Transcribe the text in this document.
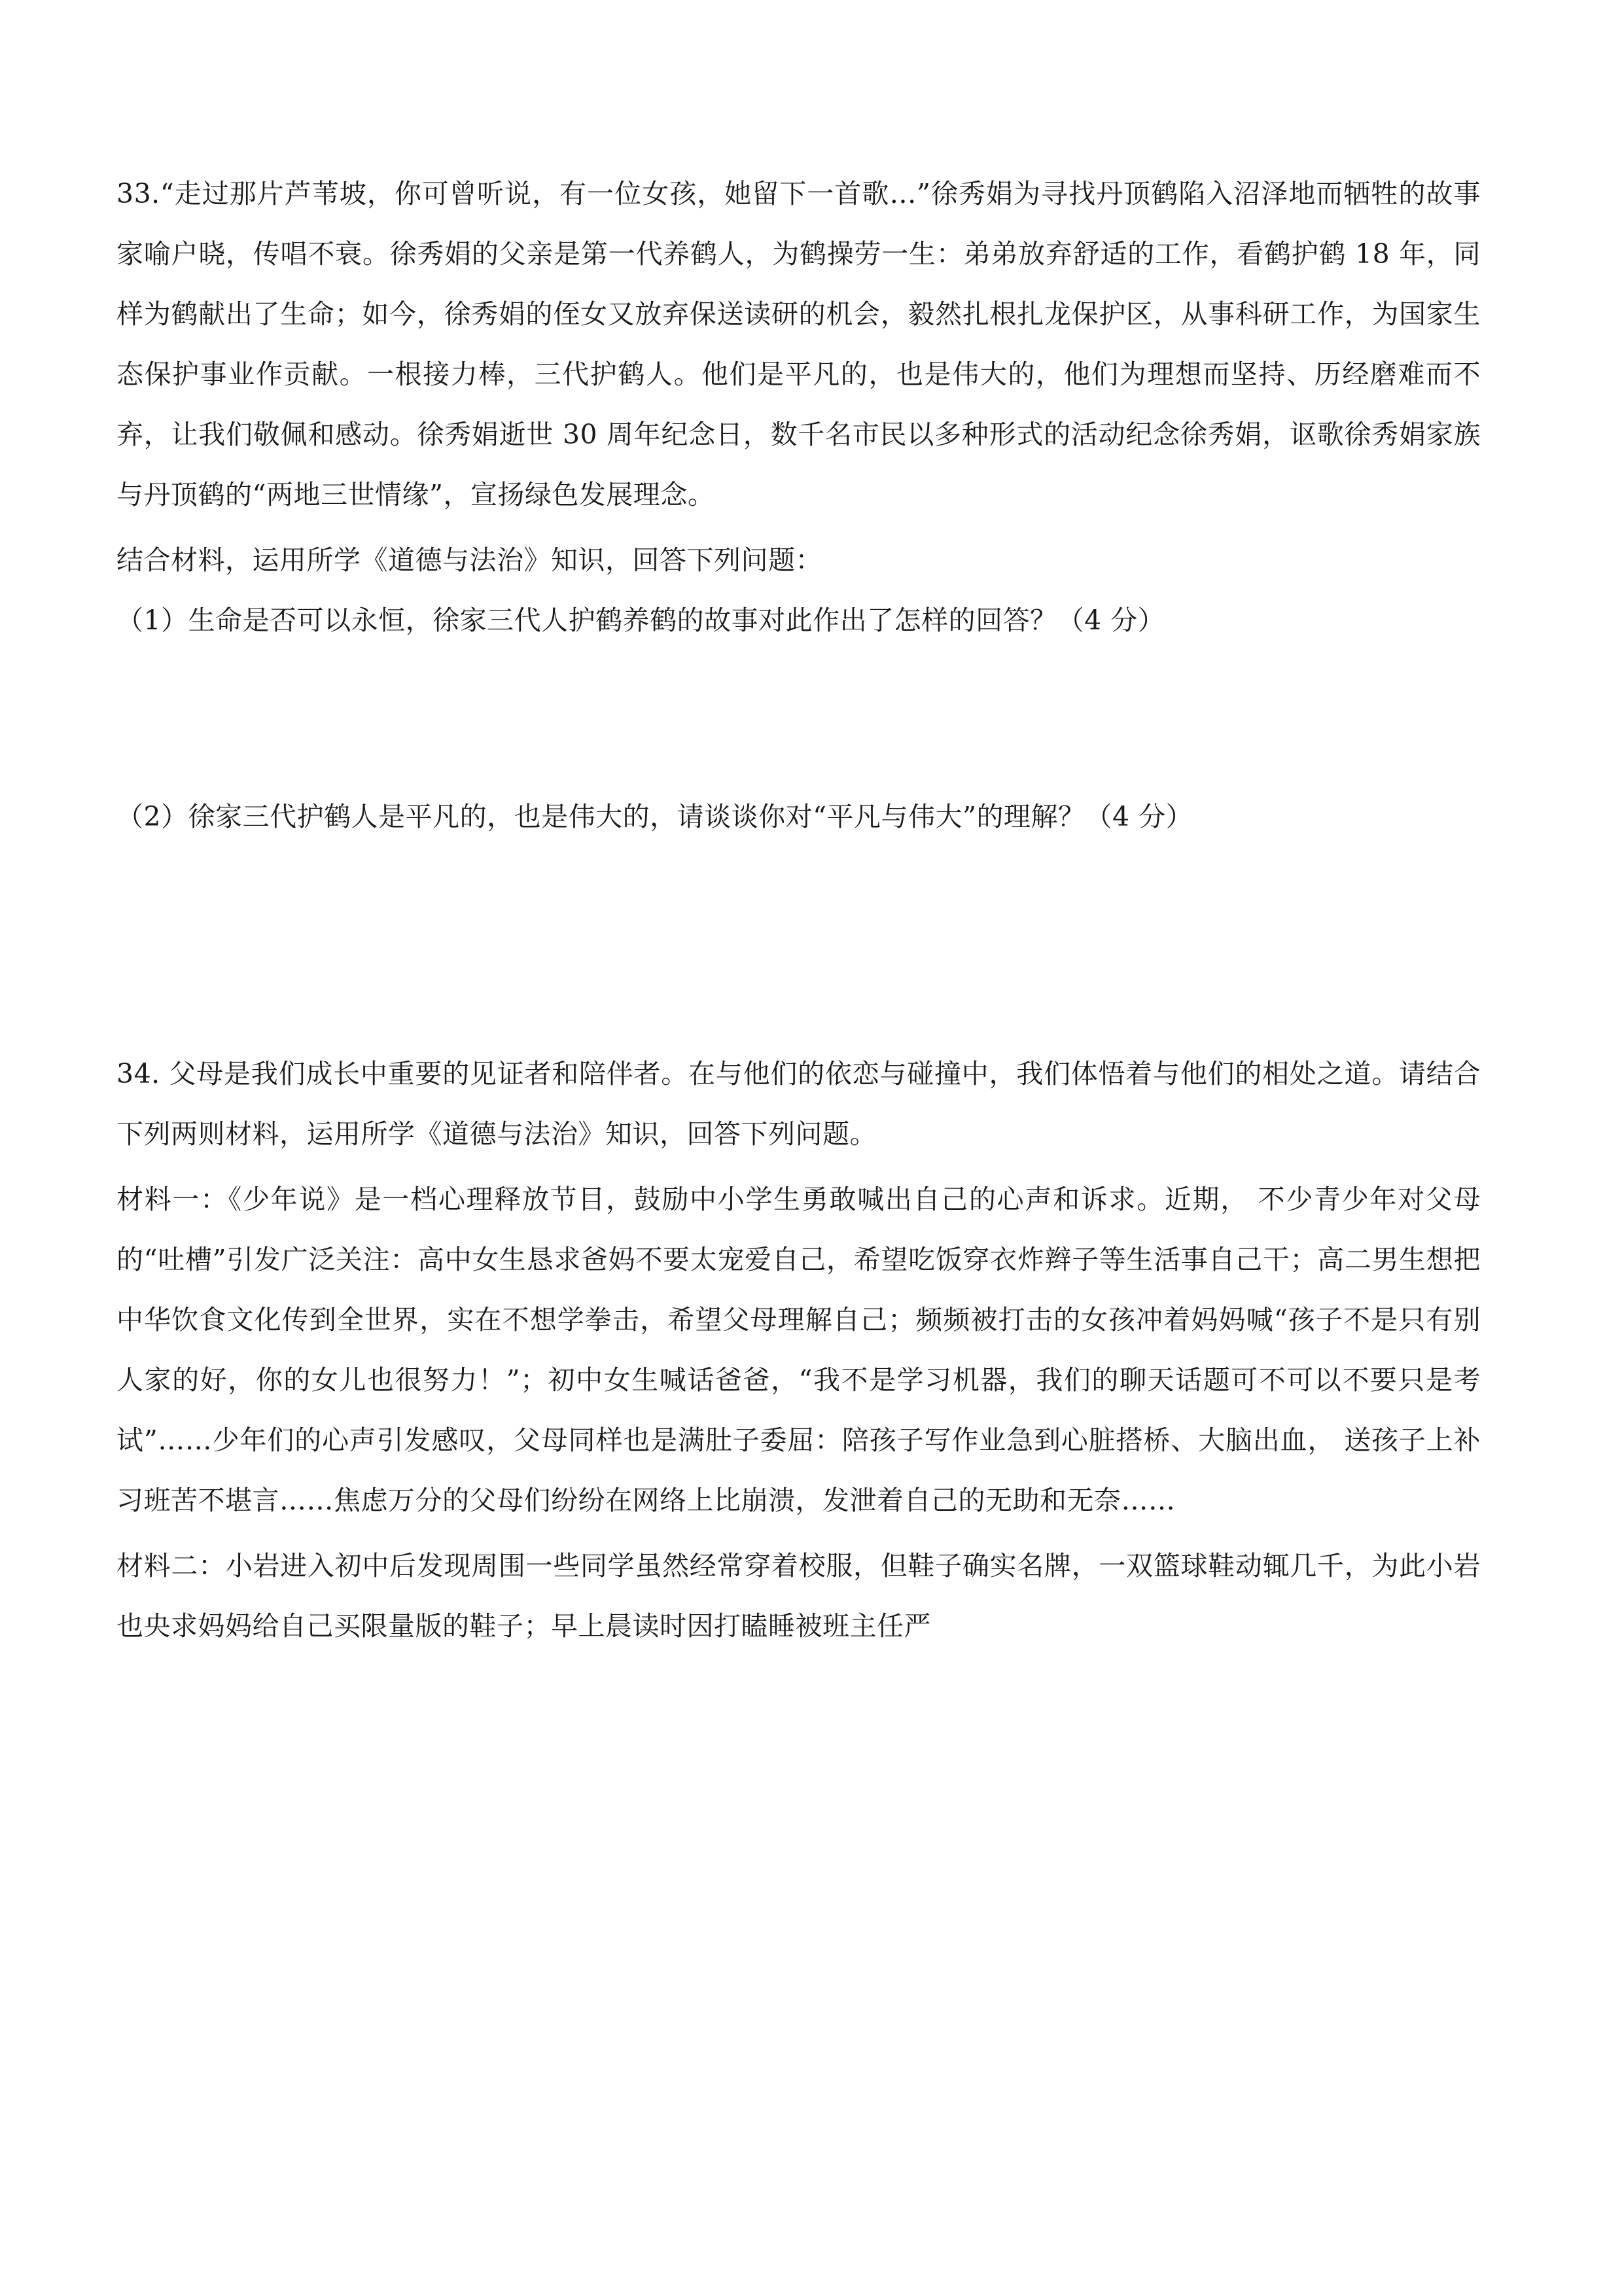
33.“走过那片芦苇坡，你可曾听说，有一位女孩，她留下一首歌…”徐秀娟为寻找丹顶鹤陷入沼泽地而牺牲的故事家喻户晓，传唱不衰。徐秀娟的父亲是第一代养鹤人，为鹤操劳一生：弟弟放弃舒适的工作，看鹤护鹤 18 年，同样为鹤献出了生命；如今，徐秀娟的侄女又放弃保送读研的机会，毅然扎根扎龙保护区，从事科研工作，为国家生态保护事业作贡献。一根接力棒，三代护鹤人。他们是平凡的，也是伟大的，他们为理想而坚持、历经磨难而不弃，让我们敬佩和感动。徐秀娟逝世 30 周年纪念日，数千名市民以多种形式的活动纪念徐秀娟，讴歌徐秀娟家族与丹顶鹤的“两地三世情缘”，宣扬绿色发展理念。

结合材料，运用所学《道德与法治》知识，回答下列问题：

（1）生命是否可以永恒，徐家三代人护鹤养鹤的故事对此作出了怎样的回答？（4 分）

（2）徐家三代护鹤人是平凡的，也是伟大的，请谈谈你对“平凡与伟大”的理解？（4 分）

34. 父母是我们成长中重要的见证者和陪伴者。在与他们的依恋与碰撞中，我们体悟着与他们的相处之道。请结合下列两则材料，运用所学《道德与法治》知识，回答下列问题。

材料一：《少年说》是一档心理释放节目，鼓励中小学生勇敢喊出自己的心声和诉求。近期， 不少青少年对父母的“吐槽”引发广泛关注：高中女生恳求爸妈不要太宠爱自己，希望吃饭穿衣炸辫子等生活事自己干；高二男生想把中华饮食文化传到全世界，实在不想学拳击，希望父母理解自己；频频被打击的女孩冲着妈妈喊“孩子不是只有别人家的好，你的女儿也很努力！”；初中女生喊话爸爸，“我不是学习机器，我们的聊天话题可不可以不要只是考试”……少年们的心声引发感叹，父母同样也是满肚子委屈：陪孩子写作业急到心脏搭桥、大脑出血， 送孩子上补习班苦不堪言……焦虑万分的父母们纷纷在网络上比崩溃，发泄着自己的无助和无奈……

材料二：小岩进入初中后发现周围一些同学虽然经常穿着校服，但鞋子确实名牌，一双篮球鞋动辄几千，为此小岩也央求妈妈给自己买限量版的鞋子；早上晨读时因打瞌睡被班主任严
